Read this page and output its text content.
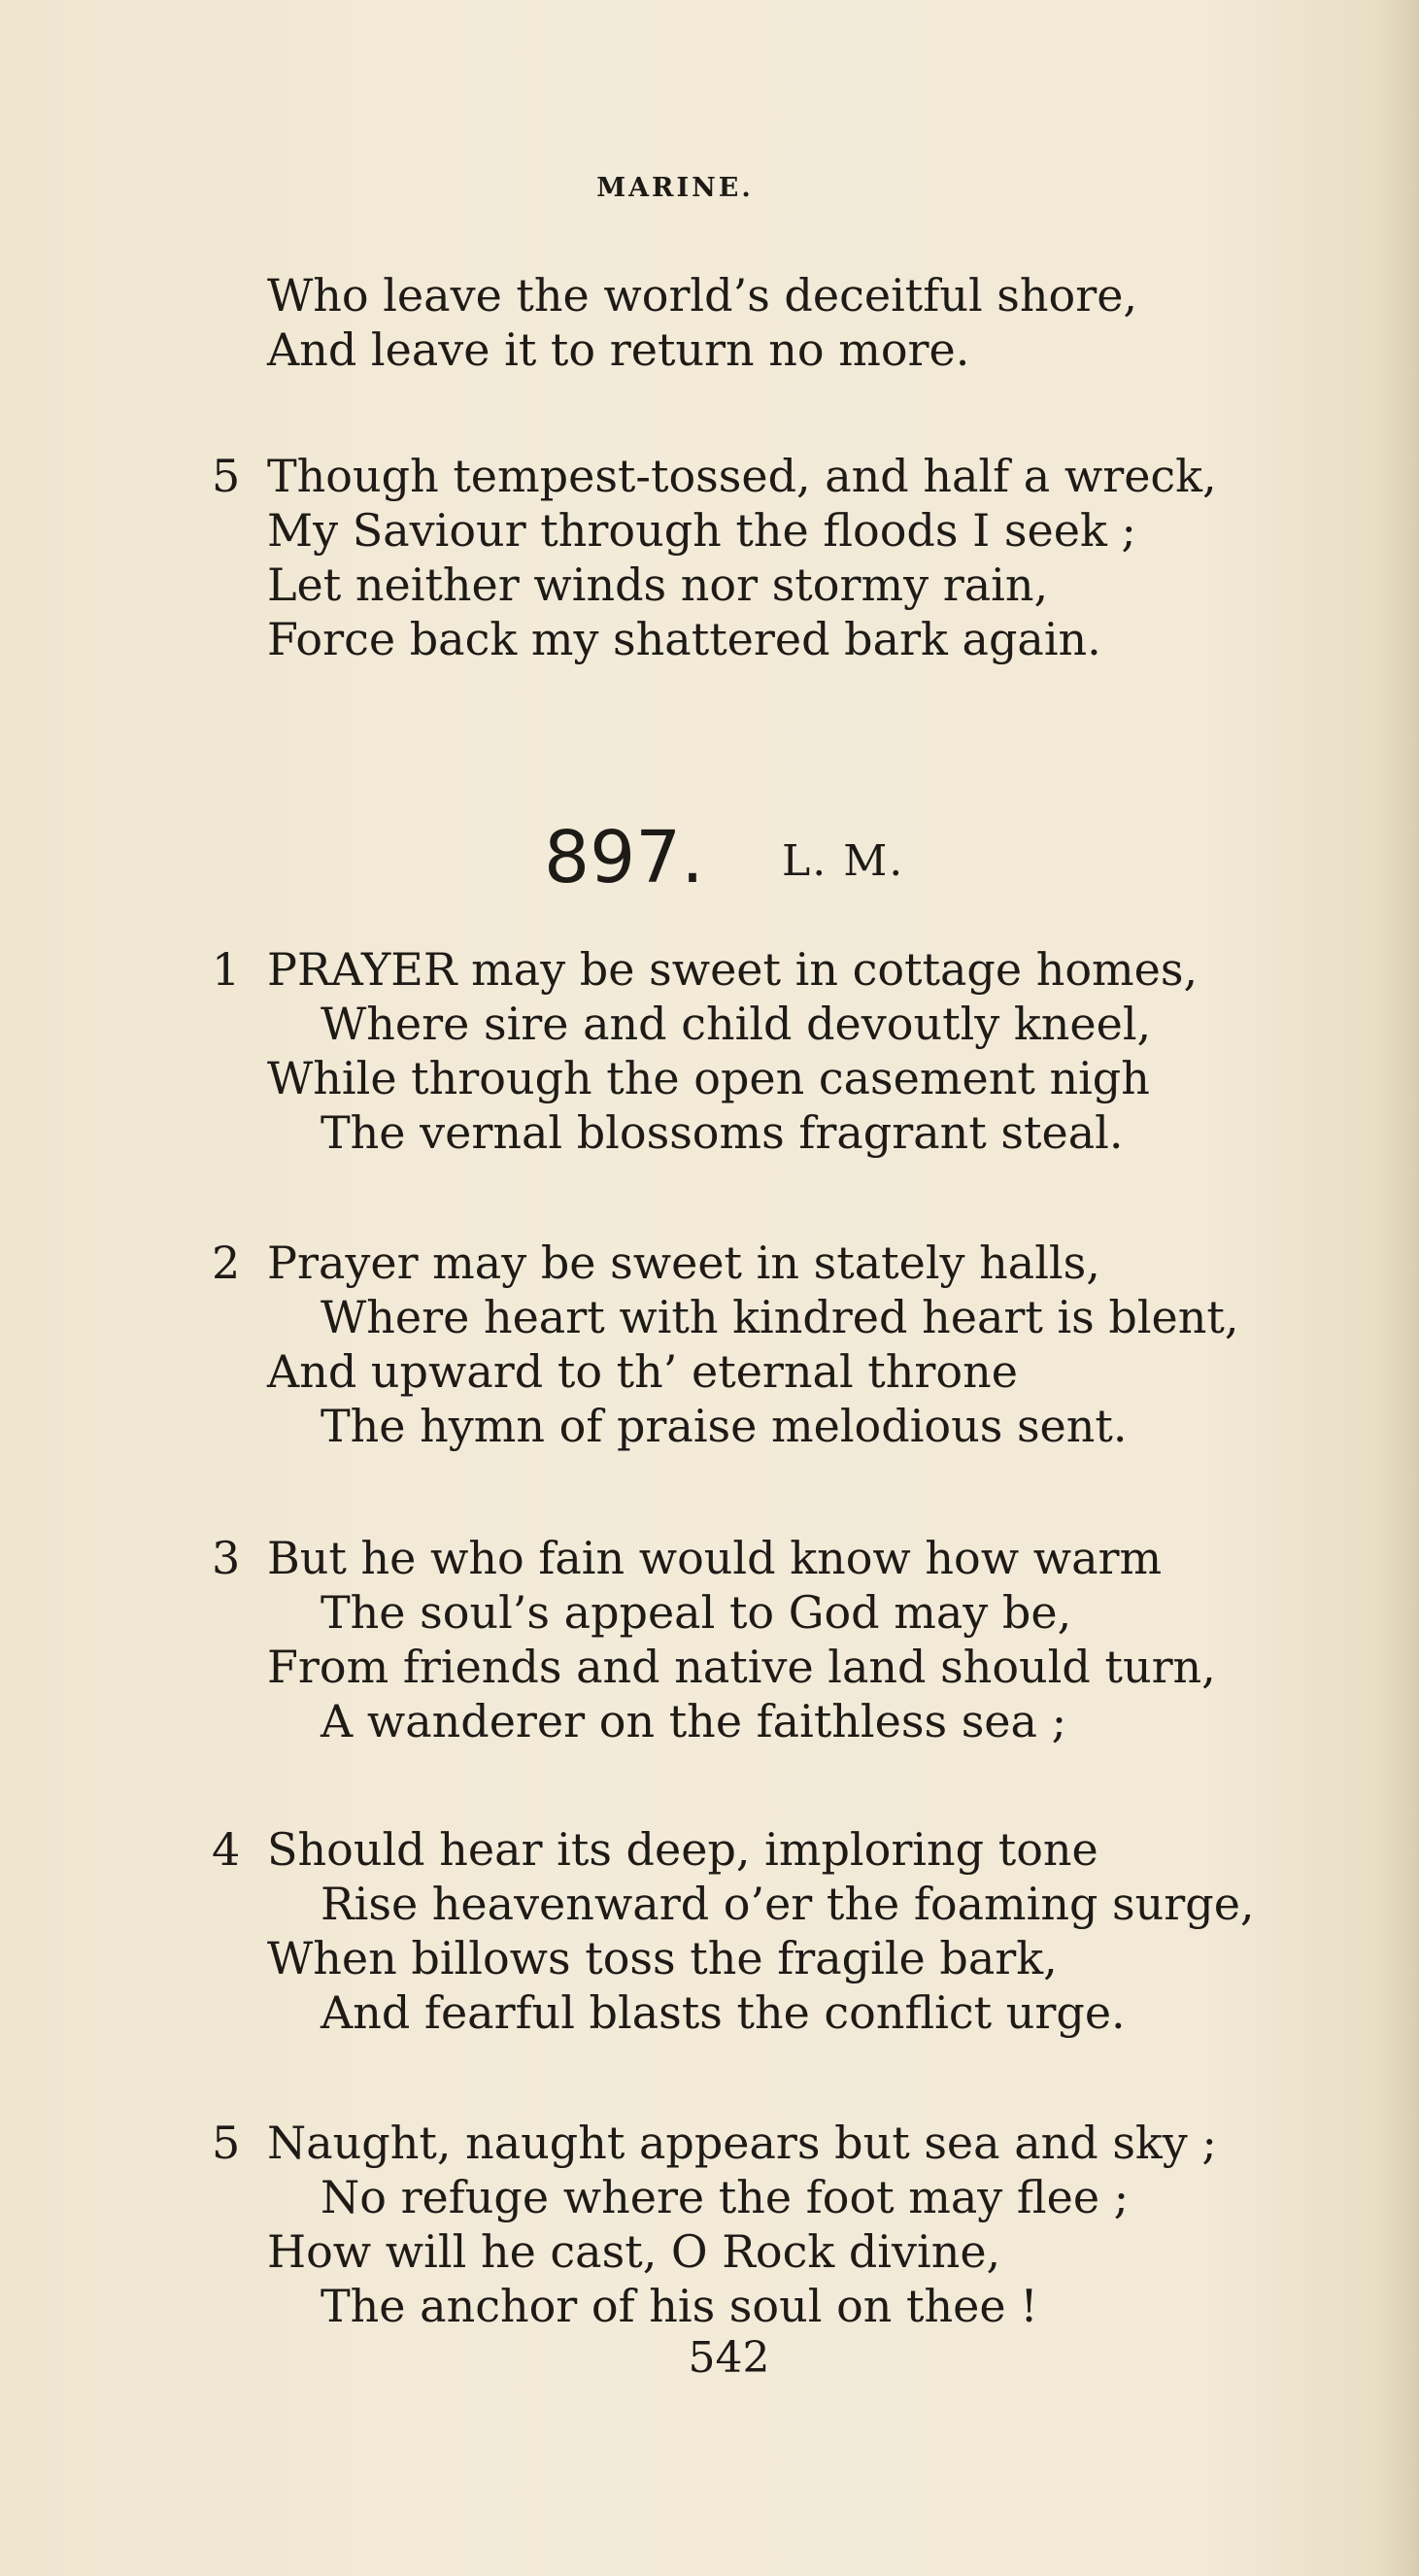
MARINE.
Who leave the world’s deceitful shore,
And leave it to return no more.
5 Though tempest-tossed, and half a wreck,
My Saviour through the floods I seek ;
Let neither winds nor stormy rain,
Force back my shattered bark again.
897. L. M.
1 PRAYER may be sweet in cottage homes,
Where sire and child devoutly kneel,
While through the open casement nigh
The vernal blossoms fragrant steal.
2 Prayer may be sweet in stately halls,
Where heart with kindred heart is blent,
And upward to th’ eternal throne
The hymn of praise melodious sent.
3 But he who fain would know how warm
The soul’s appeal to God may be,
From friends and native land should turn,
A wanderer on the faithless sea ;
4 Should hear its deep, imploring tone
Rise heavenward o’er the foaming surge,
When billows toss the fragile bark,
And fearful blasts the conflict urge.
5 Naught, naught appears but sea and sky ;
No refuge where the foot may flee ;
How will he cast, O Rock divine,
The anchor of his soul on thee !
542
